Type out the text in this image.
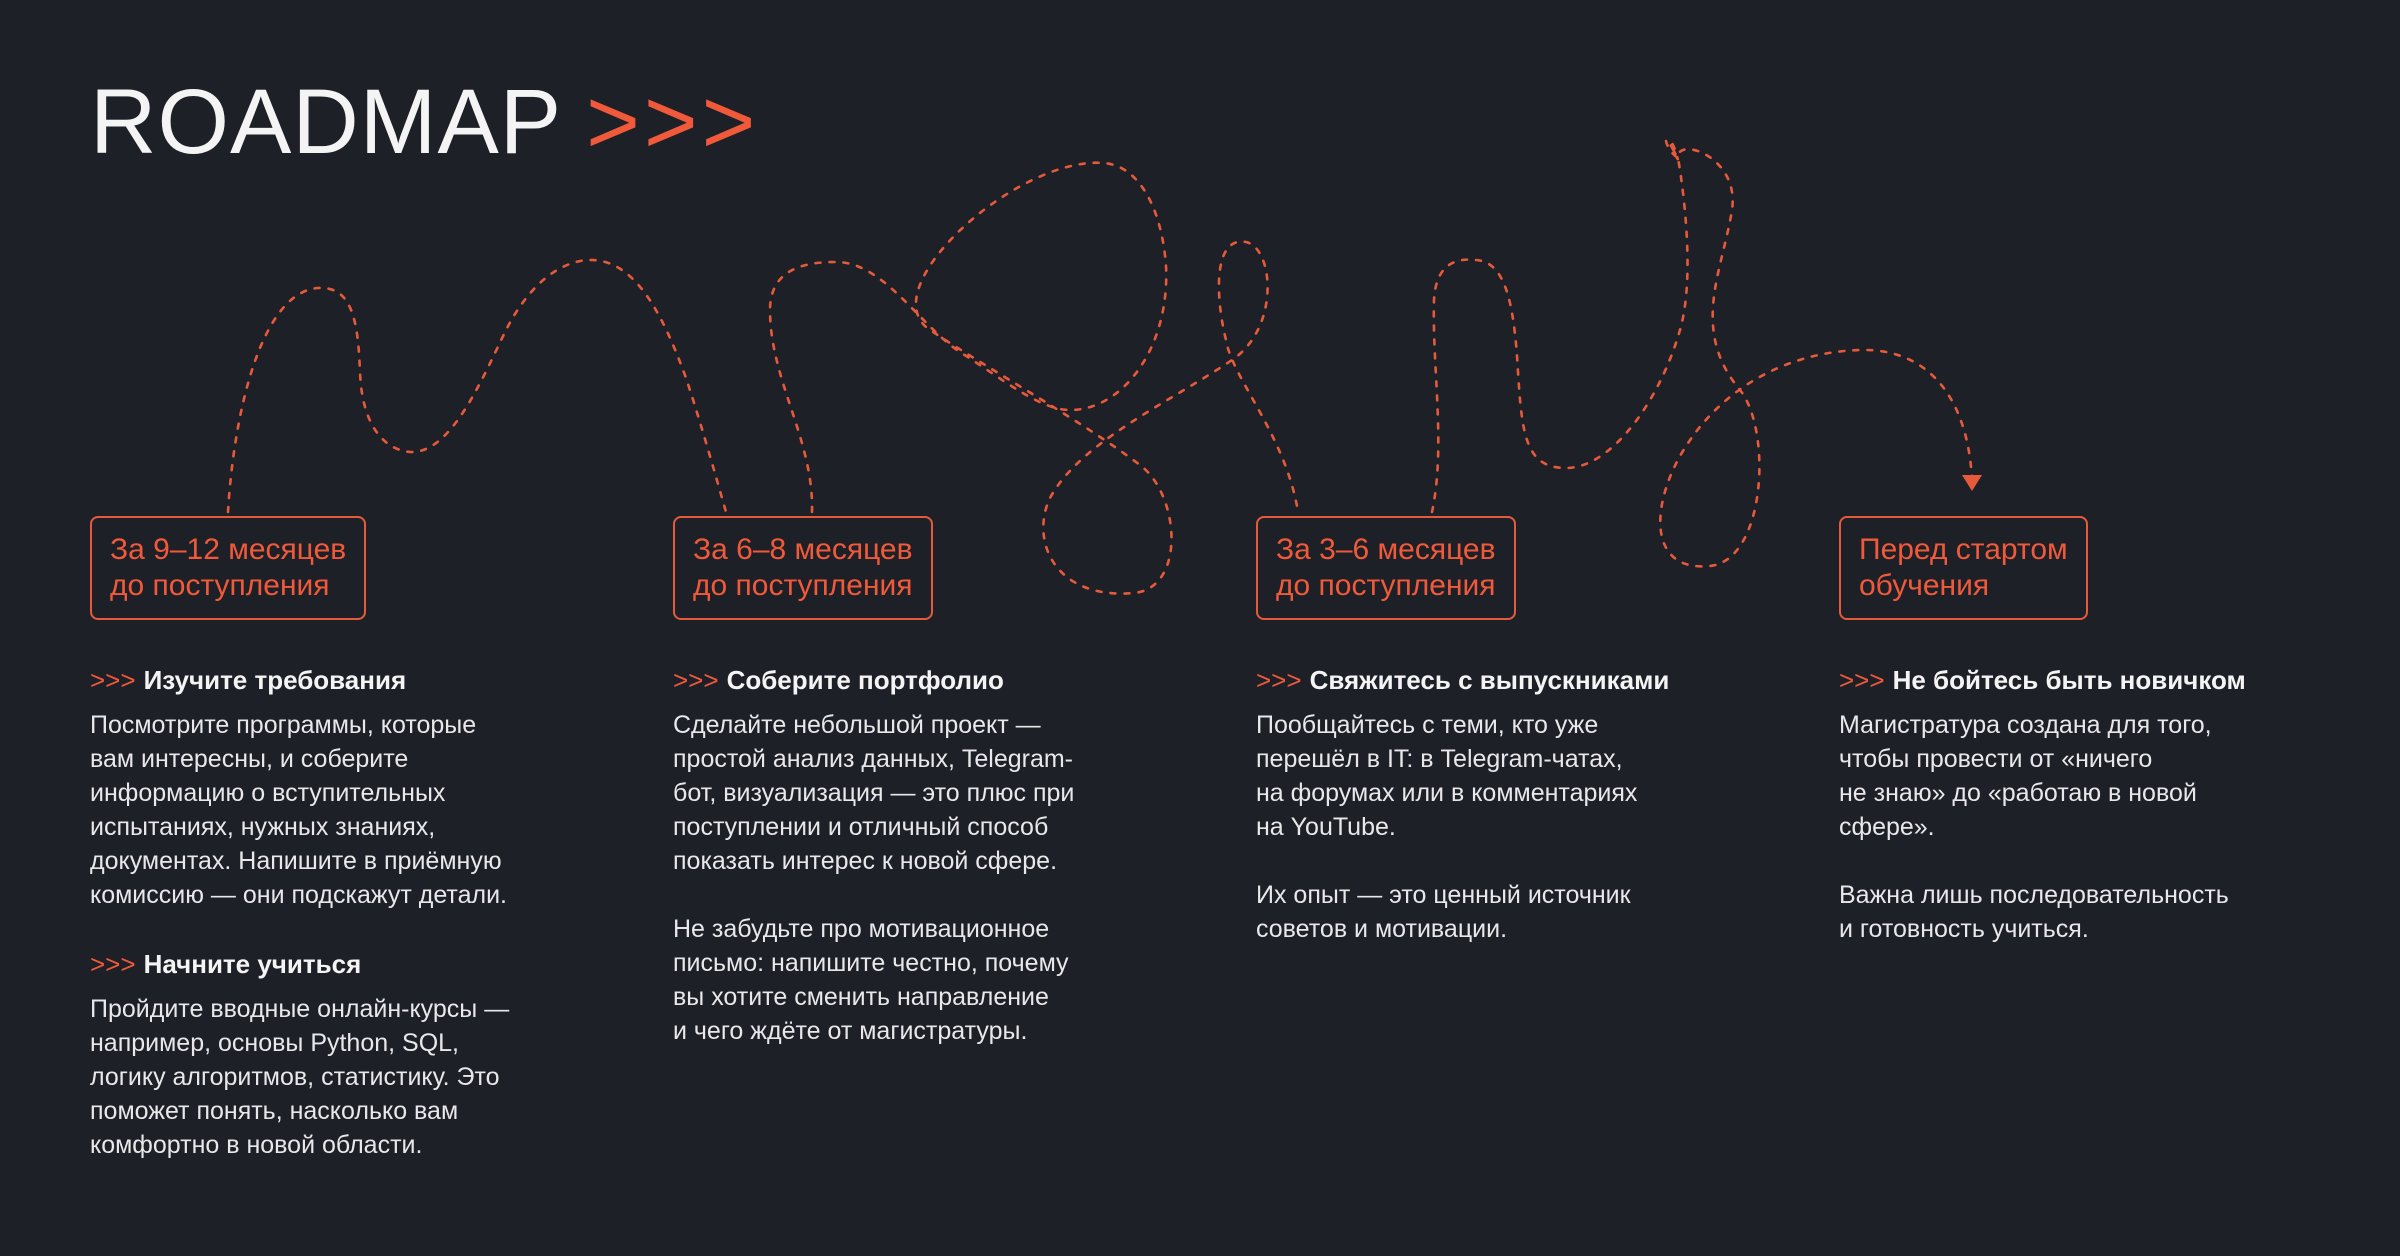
ROADMAP >>>
За 9–12 месяцев
до поступления
>>> Изучите требования
Посмотрите программы, которые
вам интересны, и соберите
информацию о вступительных
испытаниях, нужных знаниях,
документах. Напишите в приёмную
комиссию — они подскажут детали.
>>> Начните учиться
Пройдите вводные онлайн-курсы —
например, основы Python, SQL,
логику алгоритмов, статистику. Это
поможет понять, насколько вам
комфортно в новой области.
За 6–8 месяцев
до поступления
>>> Соберите портфолио
Сделайте небольшой проект —
простой анализ данных, Telegram-
бот, визуализация — это плюс при
поступлении и отличный способ
показать интерес к новой сфере.

Не забудьте про мотивационное
письмо: напишите честно, почему
вы хотите сменить направление
и чего ждёте от магистратуры.
За 3–6 месяцев
до поступления
>>> Свяжитесь с выпускниками
Пообщайтесь с теми, кто уже
перешёл в IT: в Telegram-чатах,
на форумах или в комментариях
на YouTube.

Их опыт — это ценный источник
советов и мотивации.
Перед стартом
обучения
>>> Не бойтесь быть новичком
Магистратура создана для того,
чтобы провести от «ничего
не знаю» до «работаю в новой
сфере».

Важна лишь последовательность
и готовность учиться.
